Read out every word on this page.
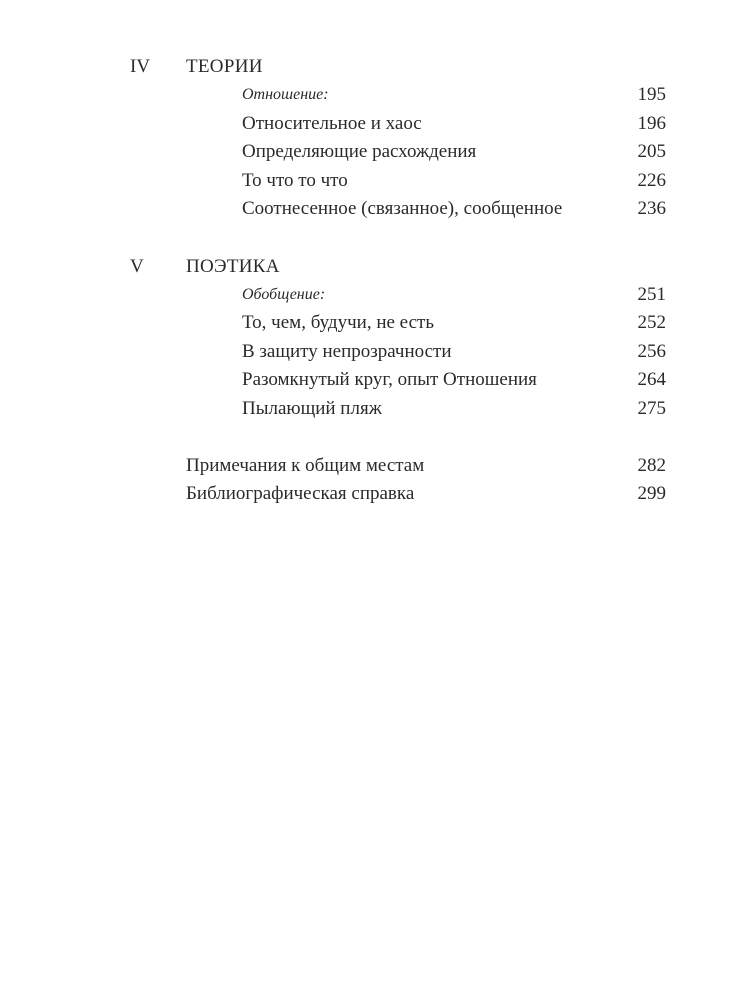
IV ТЕОРИИ
Отношение:	195
Относительное и хаос	196
Определяющие расхождения	205
То что то что	226
Соотнесенное (связанное), сообщенное	236
V ПОЭТИКА
Обобщение:	251
То, чем, будучи, не есть	252
В защиту непрозрачности	256
Разомкнутый круг, опыт Отношения	264
Пылающий пляж	275
Примечания к общим местам	282
Библиографическая справка	299
